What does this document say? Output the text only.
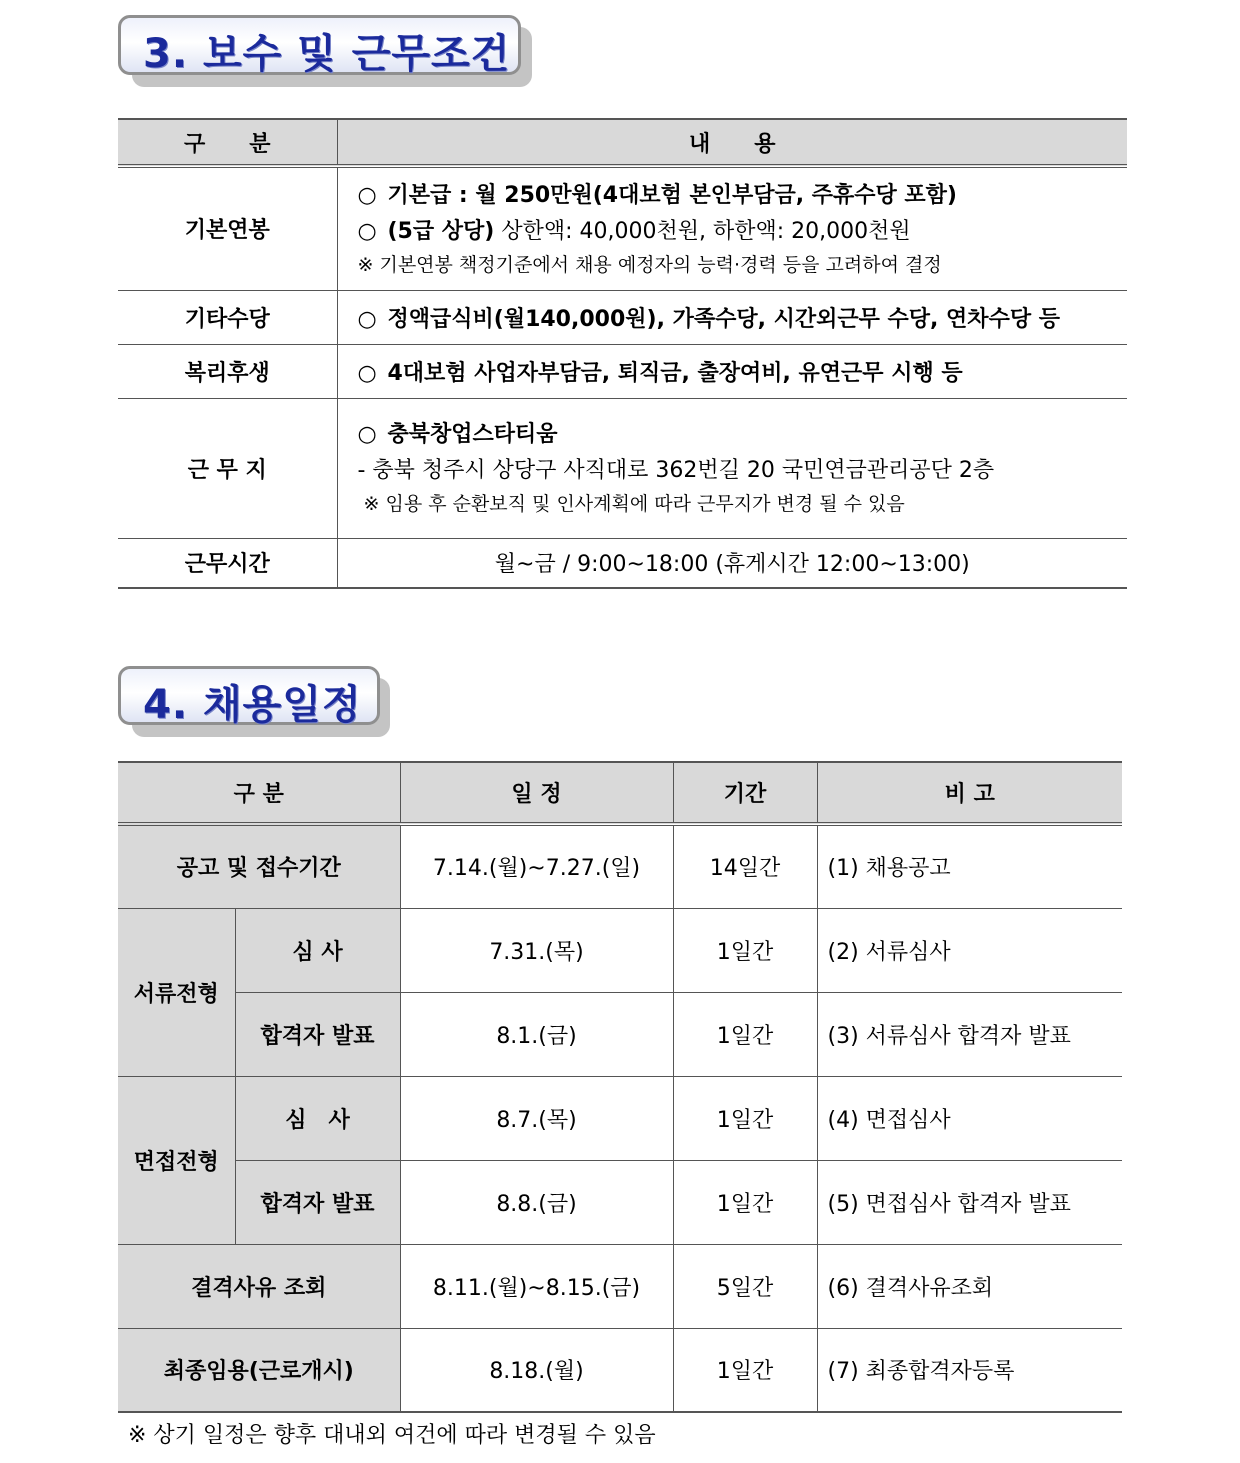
3. 보수 및 근무조건
구　　분	내　　용
기본연봉	○ 기본급 : 월 250만원(4대보험 본인부담금, 주휴수당 포함)
○ (5급 상당) 상한액: 40,000천원, 하한액: 20,000천원
※ 기본연봉 책정기준에서 채용 예정자의 능력·경력 등을 고려하여 결정

기타수당	○ 정액급식비(월140,000원), 가족수당, 시간외근무 수당, 연차수당 등
복리후생	○ 4대보험 사업자부담금, 퇴직금, 출장여비, 유연근무 시행 등
근 무 지	○ 충북창업스타티움
- 충북 청주시 상당구 사직대로 362번길 20 국민연금관리공단 2층
※ 임용 후 순환보직 및 인사계획에 따라 근무지가 변경 될 수 있음

근무시간	월~금 / 9:00~18:00 (휴게시간 12:00~13:00)
4. 채용일정
구 분		일 정	기간	비 고
공고 및 접수기간		7.14.(월)~7.27.(일)	14일간	(1) 채용공고
서류전형	심 사	7.31.(목)	1일간	(2) 서류심사
	합격자 발표	8.1.(금)	1일간	(3) 서류심사 합격자 발표
면접전형	심　사	8.7.(목)	1일간	(4) 면접심사
	합격자 발표	8.8.(금)	1일간	(5) 면접심사 합격자 발표
결격사유 조회		8.11.(월)~8.15.(금)	5일간	(6) 결격사유조회
최종임용(근로개시)		8.18.(월)	1일간	(7) 최종합격자등록
※ 상기 일정은 향후 대내외 여건에 따라 변경될 수 있음
